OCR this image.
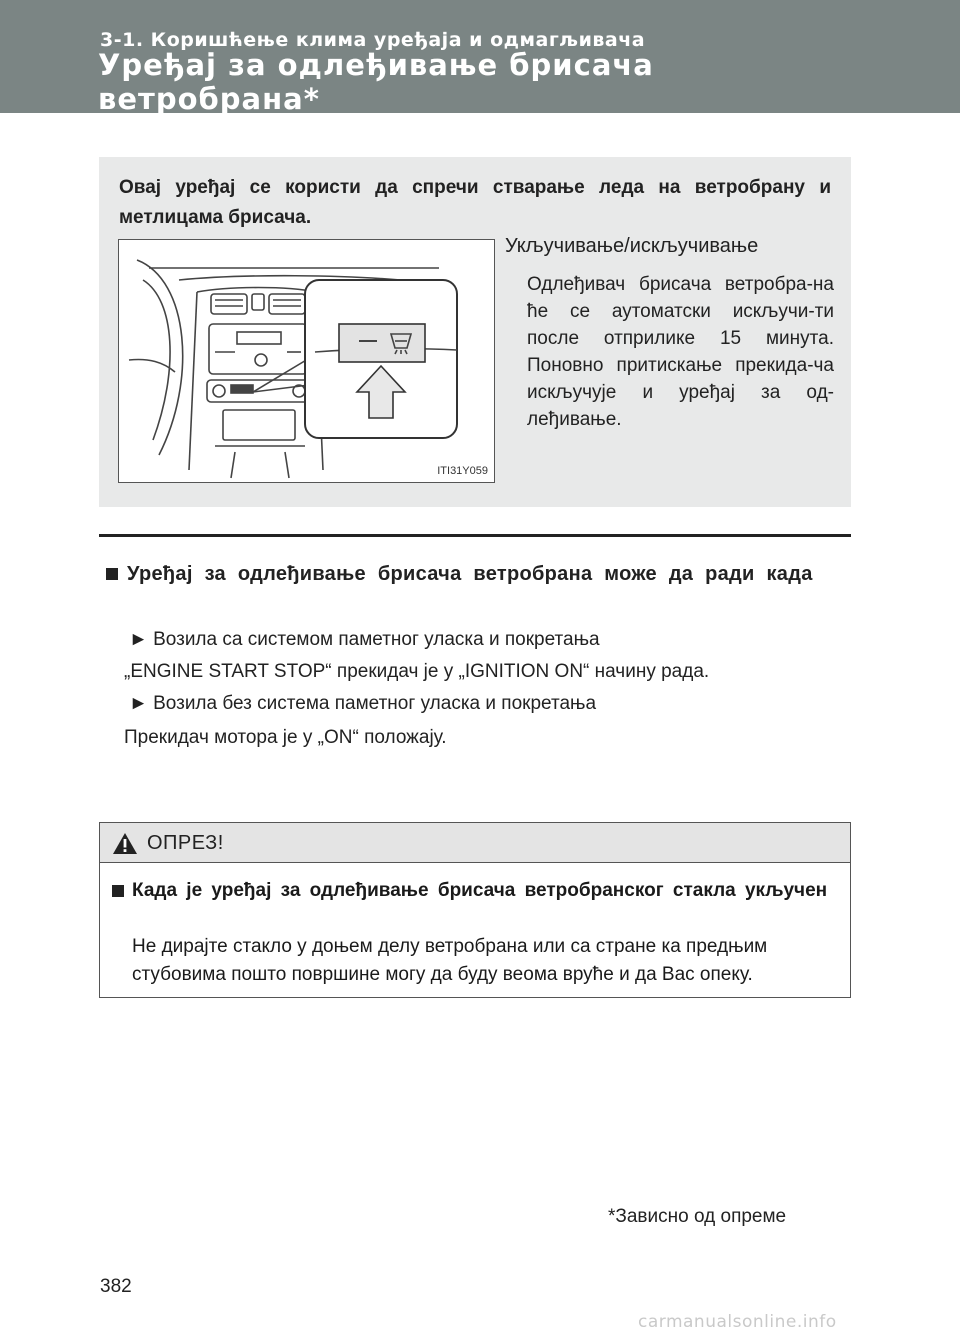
3-1. Коришћење клима уређаја и одмагљивача
Уређај за одлеђивање брисача
ветробрана*
Овај уређај се користи да спречи стварање леда на ветробрану и метлицама брисача.
ITI31Y059
Укључивање/искључивање
Одлеђивач брисача ветробра-на ће се аутоматски искључи-ти после отприлике 15 минута. Поновно притискање прекида-ча искључује и уређај за од-леђивање.
Уређај за одлеђивање брисача ветробрана може да ради када
► Возила са системом паметног уласка и покретања
„ENGINE START STOP“ прекидач је у „IGNITION ON“ начину рада.
► Возила без система паметног уласка и покретања
Прекидач мотора је у „ON“ положају.
ОПРЕЗ!
Када је уређај за одлеђивање брисача ветробранског стакла укључен
Не дирајте стакло у доњем делу ветробрана или са стране ка предњим стубовима пошто површине могу да буду веома вруће и да Вас опеку.
*Зависно од опреме
382
carmanualsonline.info
